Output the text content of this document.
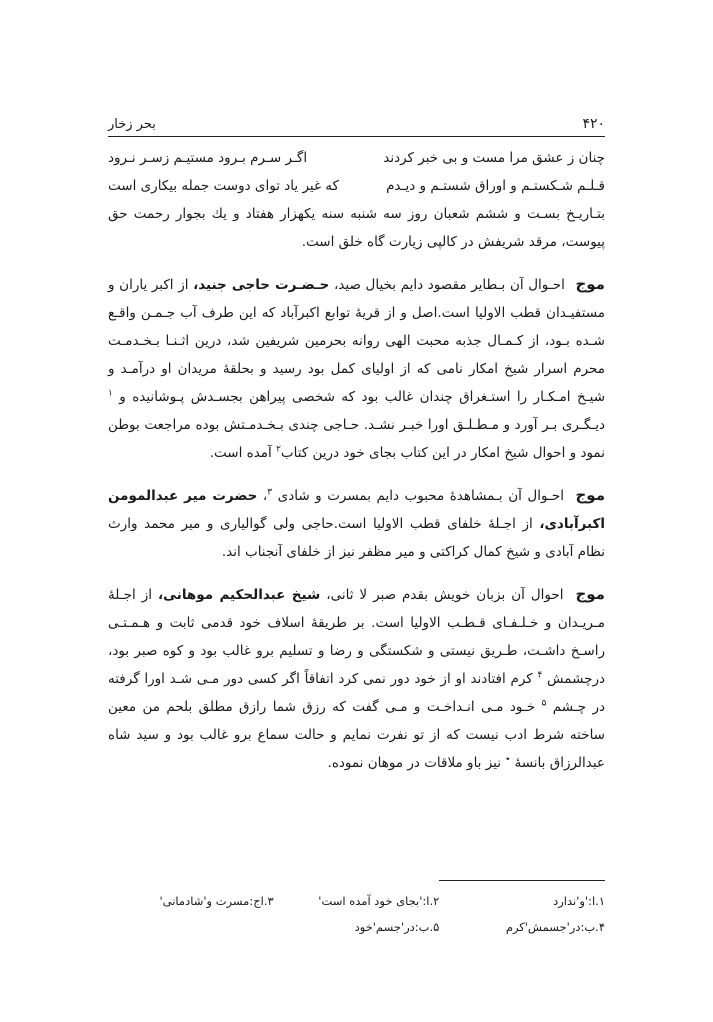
۴۲۰
بحر زخار
چنان ز عشق مرا مست و بی خبر کردند
اگـر سـرم بـرود مستیـم زسـر نـرود
قـلـم شـکستـم و اوراق شستـم و دیـدم
که غیر یاد توای دوست جمله بیکاری است

بتـاریـخ بسـت و ششم شعبان روز سه شنبه سنه یکهزار هفتاد و یك بجوار رحمت حق پیوست، مرقد شریفش در کالپی زیارت گاه خلق است.

موج احـوال آن بـطایر مقصود دایم بخیال صید، حـضـرت حاجی جنید، از اکبر یاران و مستفیـدان قطب الاولیا است.اصل و از قریهٔ توابع اکبرآباد که این طرف آب جـمـن واقـع شـده بـود، از کـمـال جذبه محبت الهی روانه بحرمین شریفین شد، درین اثـنـا بـخـدمـت محرم اسرار شیخ امکار نامی که از اولیای کمل بود رسید و بحلقهٔ مریدان او درآمـد و شیـخ امـکـار را استـغراق چندان غالب بود که شخصی پیراهن بجسـدش پـوشانیده و $^۱$ دیـگـری بـر آورد و مـطـلـق اورا خبـر نشـد. حـاجی چندی بـخـدمـتش بوده مراجعت بوطن نمود و احوال شیخ امکار در این کتاب بجای خود درین کتاب$^۲$ آمده است.

موج احـوال آن بـمشاهدهٔ محبوب دایم بمسرت و شادی $^۳$، حضرت میر عبدالمومن اکبرآبادی، از اجـلهٔ خلفای قطب الاولیا است.حاجی ولی گوالیاری و میر محمد وارث نظام آبادی و شیخ کمال کراکتی و میر مظفر نیز از خلفای آنجناب اند.

موج احوال آن بزبان خویش بقدم صبر لا ثانی، شیخ عبدالحکیم موهانی، از اجـلهٔ مـریـدان و خـلـفـای قـطـب الاولیا است. بر طریقهٔ اسلاف خود قدمی ثابت و هـمـتـی راسـخ داشـت، طـریق نیستی و شکستگی و رضا و تسلیم برو غالب بود و کوه صبر بود، درچشمش $^۴$ کرم افتادند او از خود دور نمی کرد اتفاقاً اگر کسی دور مـی شـد اورا گرفته در چـشم $^۵$ خـود مـی انـداخـت و مـی گفت که رزق شما رازق مطلق بلحم من معین ساخته شرط ادب نیست که از تو نفرت نمایم و حالت سماع برو غالب بود و سید شاه عبدالرزاق بانسهٔ ٭ نیز باو ملاقات در موهان نموده.

۱.ا:'و'ندارد
۲.ا:'بجای خود آمده است'
۳.اج:مسرت و'شادمانی'
۴.ب:در'جسمش'کرم
۵.ب:در'جسم'خود
